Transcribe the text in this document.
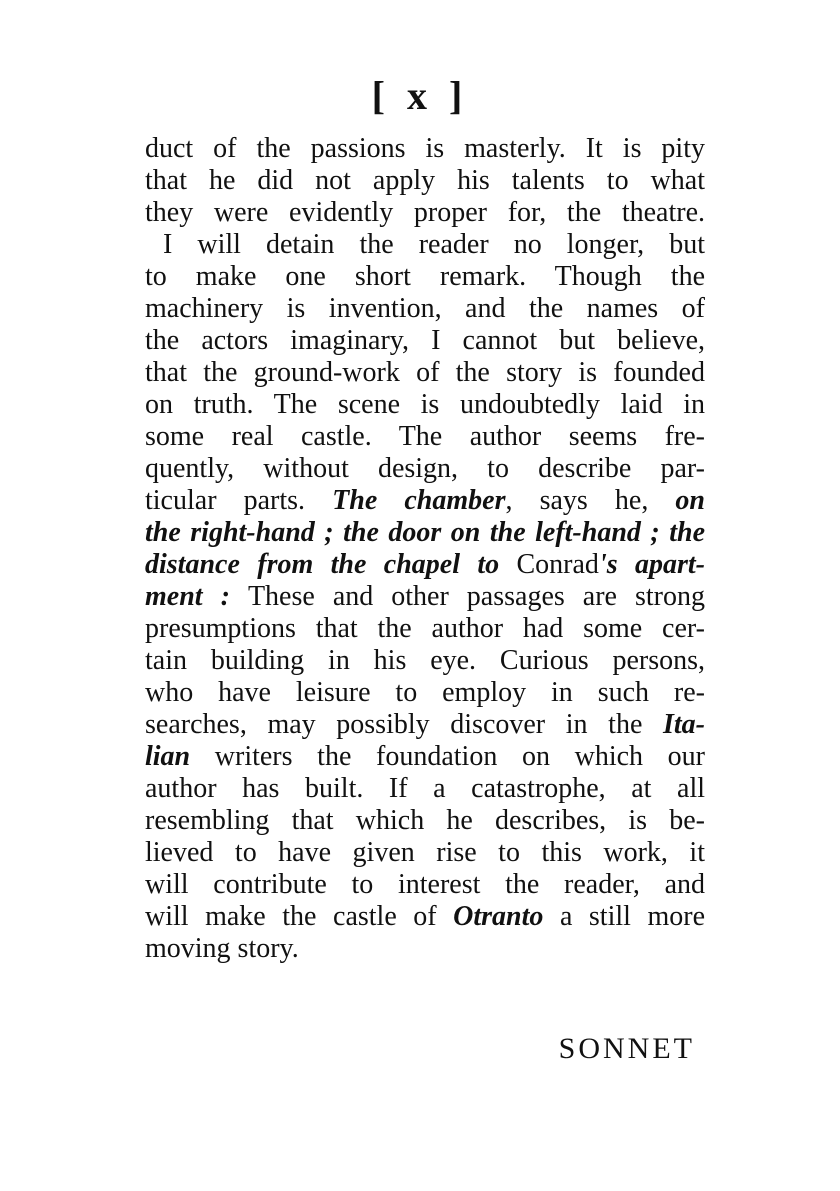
[ x ]
duct of the passions is masterly. It is pity
that he did not apply his talents to what
they were evidently proper for, the theatre.
I will detain the reader no longer, but
to make one short remark. Though the
machinery is invention, and the names of
the actors imaginary, I cannot but believe,
that the ground-work of the story is founded
on truth. The scene is undoubtedly laid in
some real castle. The author seems fre-
quently, without design, to describe par-
ticular parts. The chamber, says he, on
the right-hand ; the door on the left-hand ; the
distance from the chapel to Conrad's apart-
ment : These and other passages are strong
presumptions that the author had some cer-
tain building in his eye. Curious persons,
who have leisure to employ in such re-
searches, may possibly discover in the Ita-
lian writers the foundation on which our
author has built. If a catastrophe, at all
resembling that which he describes, is be-
lieved to have given rise to this work, it
will contribute to interest the reader, and
will make the castle of Otranto a still more
moving story.
SONNET
